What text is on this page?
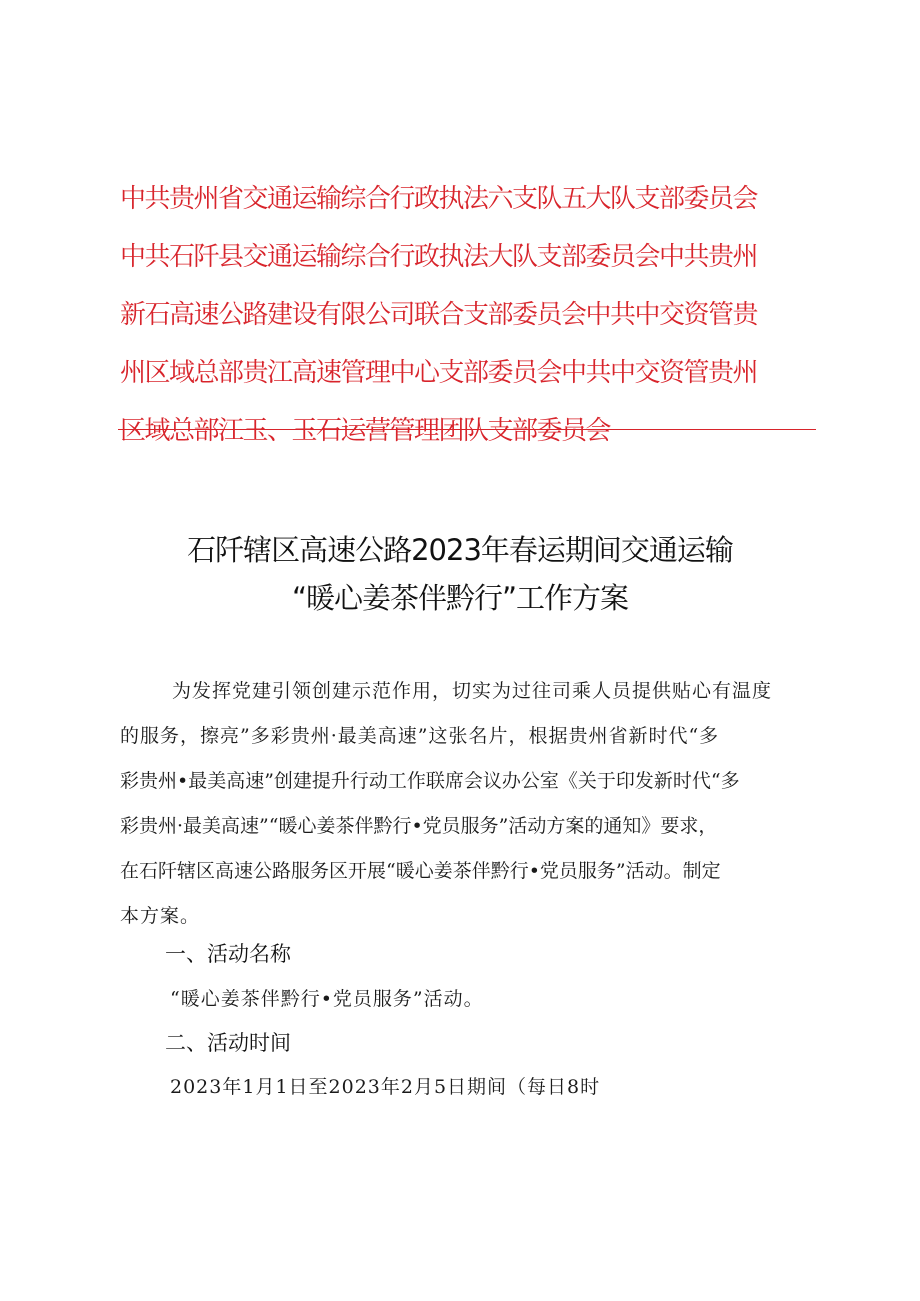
中共贵州省交通运输综合行政执法六支队五大队支部委员会
中共石阡县交通运输综合行政执法大队支部委员会中共贵州
新石高速公路建设有限公司联合支部委员会中共中交资管贵
州区域总部贵江高速管理中心支部委员会中共中交资管贵州
区域总部江玉、玉石运营管理团队支部委员会
石阡辖区高速公路2023年春运期间交通运输
“暖心姜茶伴黔行”工作方案
为发挥党建引领创建示范作用，切实为过往司乘人员提供贴心有温度
的服务，擦亮”多彩贵州·最美高速”这张名片，根据贵州省新时代“多
彩贵州•最美高速”创建提升行动工作联席会议办公室《关于印发新时代“多
彩贵州·最美高速”“暖心姜茶伴黔行•党员服务”活动方案的通知》要求，
在石阡辖区高速公路服务区开展“暖心姜茶伴黔行•党员服务”活动。制定
本方案。
一、活动名称
“暖心姜茶伴黔行•党员服务”活动。
二、活动时间
2023年1月1日至2023年2月5日期间（每日8时
